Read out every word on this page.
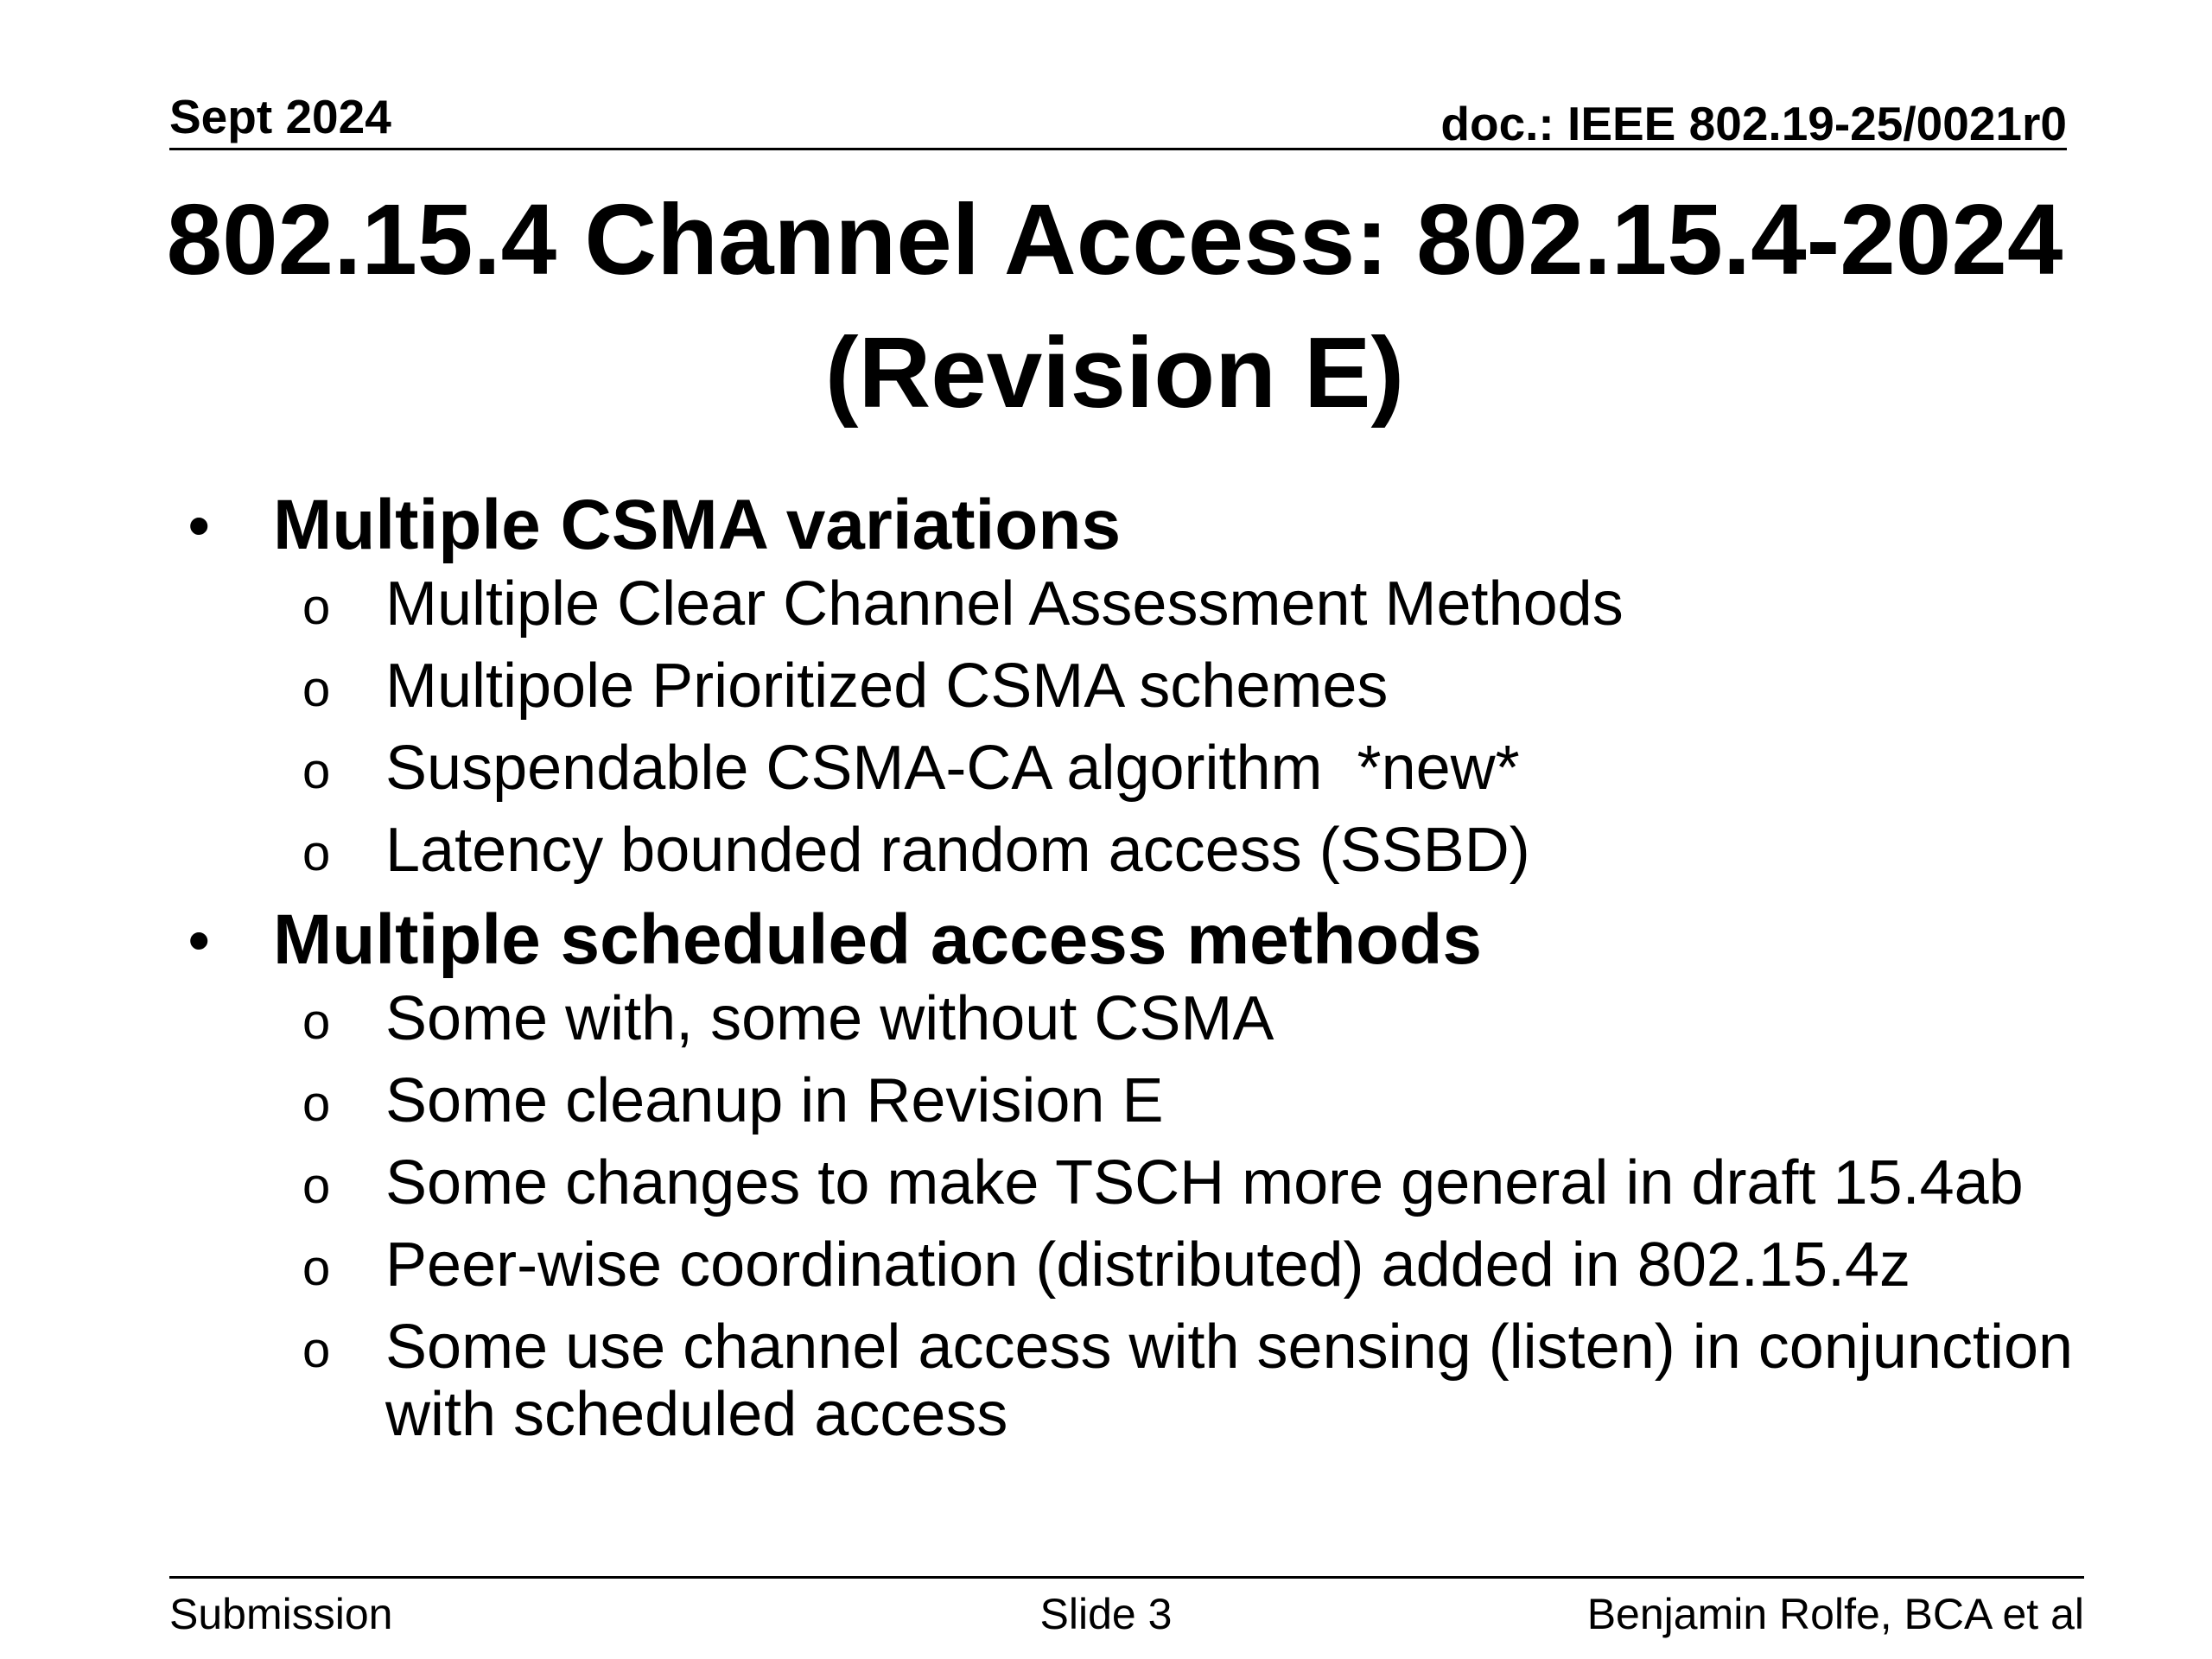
Sept 2024	doc.: IEEE 802.19-25/0021r0
802.15.4 Channel Access: 802.15.4-2024
(Revision E)
• Multiple CSMA variations
o Multiple Clear Channel Assessment Methods
o Multipole Prioritized CSMA schemes
o Suspendable CSMA-CA algorithm  *new*
o Latency bounded random access (SSBD)
• Multiple scheduled access methods
o Some with, some without CSMA
o Some cleanup in Revision E
o Some changes to make TSCH more general in draft 15.4ab
o Peer-wise coordination (distributed) added in 802.15.4z
o Some use channel access with sensing (listen) in conjunction with scheduled access
Submission	Slide 3	Benjamin Rolfe, BCA et al
